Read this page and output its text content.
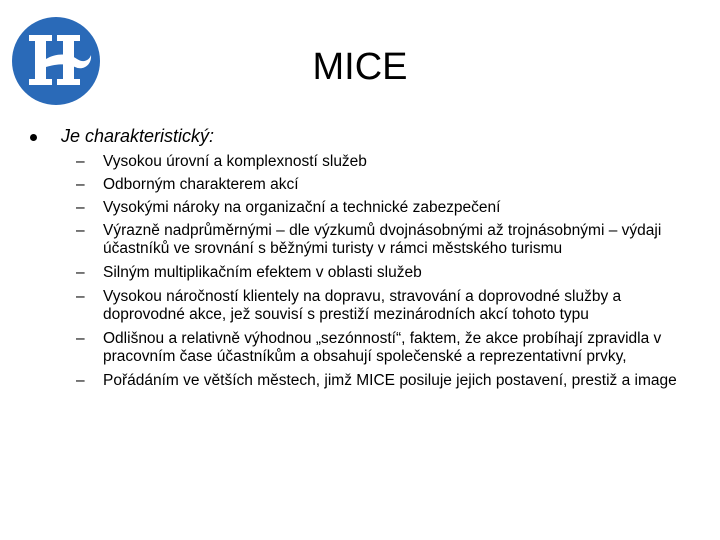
MICE
Je charakteristický:
– Vysokou úrovní a komplexností služeb
– Odborným charakterem akcí
– Vysokými nároky na organizační a technické zabezpečení
– Výrazně nadprůměrnými – dle výzkumů dvojnásobnými až trojnásobnými – výdaji účastníků ve srovnání s běžnými turisty v rámci městského turismu
– Silným multiplikačním efektem v oblasti služeb
– Vysokou náročností klientely na dopravu, stravování a doprovodné služby a doprovodné akce, jež souvisí s prestiží mezinárodních akcí tohoto typu
– Odlišnou a relativně výhodnou „sezónností“, faktem, že akce probíhají zpravidla v pracovním čase účastníkům a obsahují společenské a reprezentativní prvky,
– Pořádáním ve větších městech, jimž MICE posiluje jejich postavení, prestiž a image
